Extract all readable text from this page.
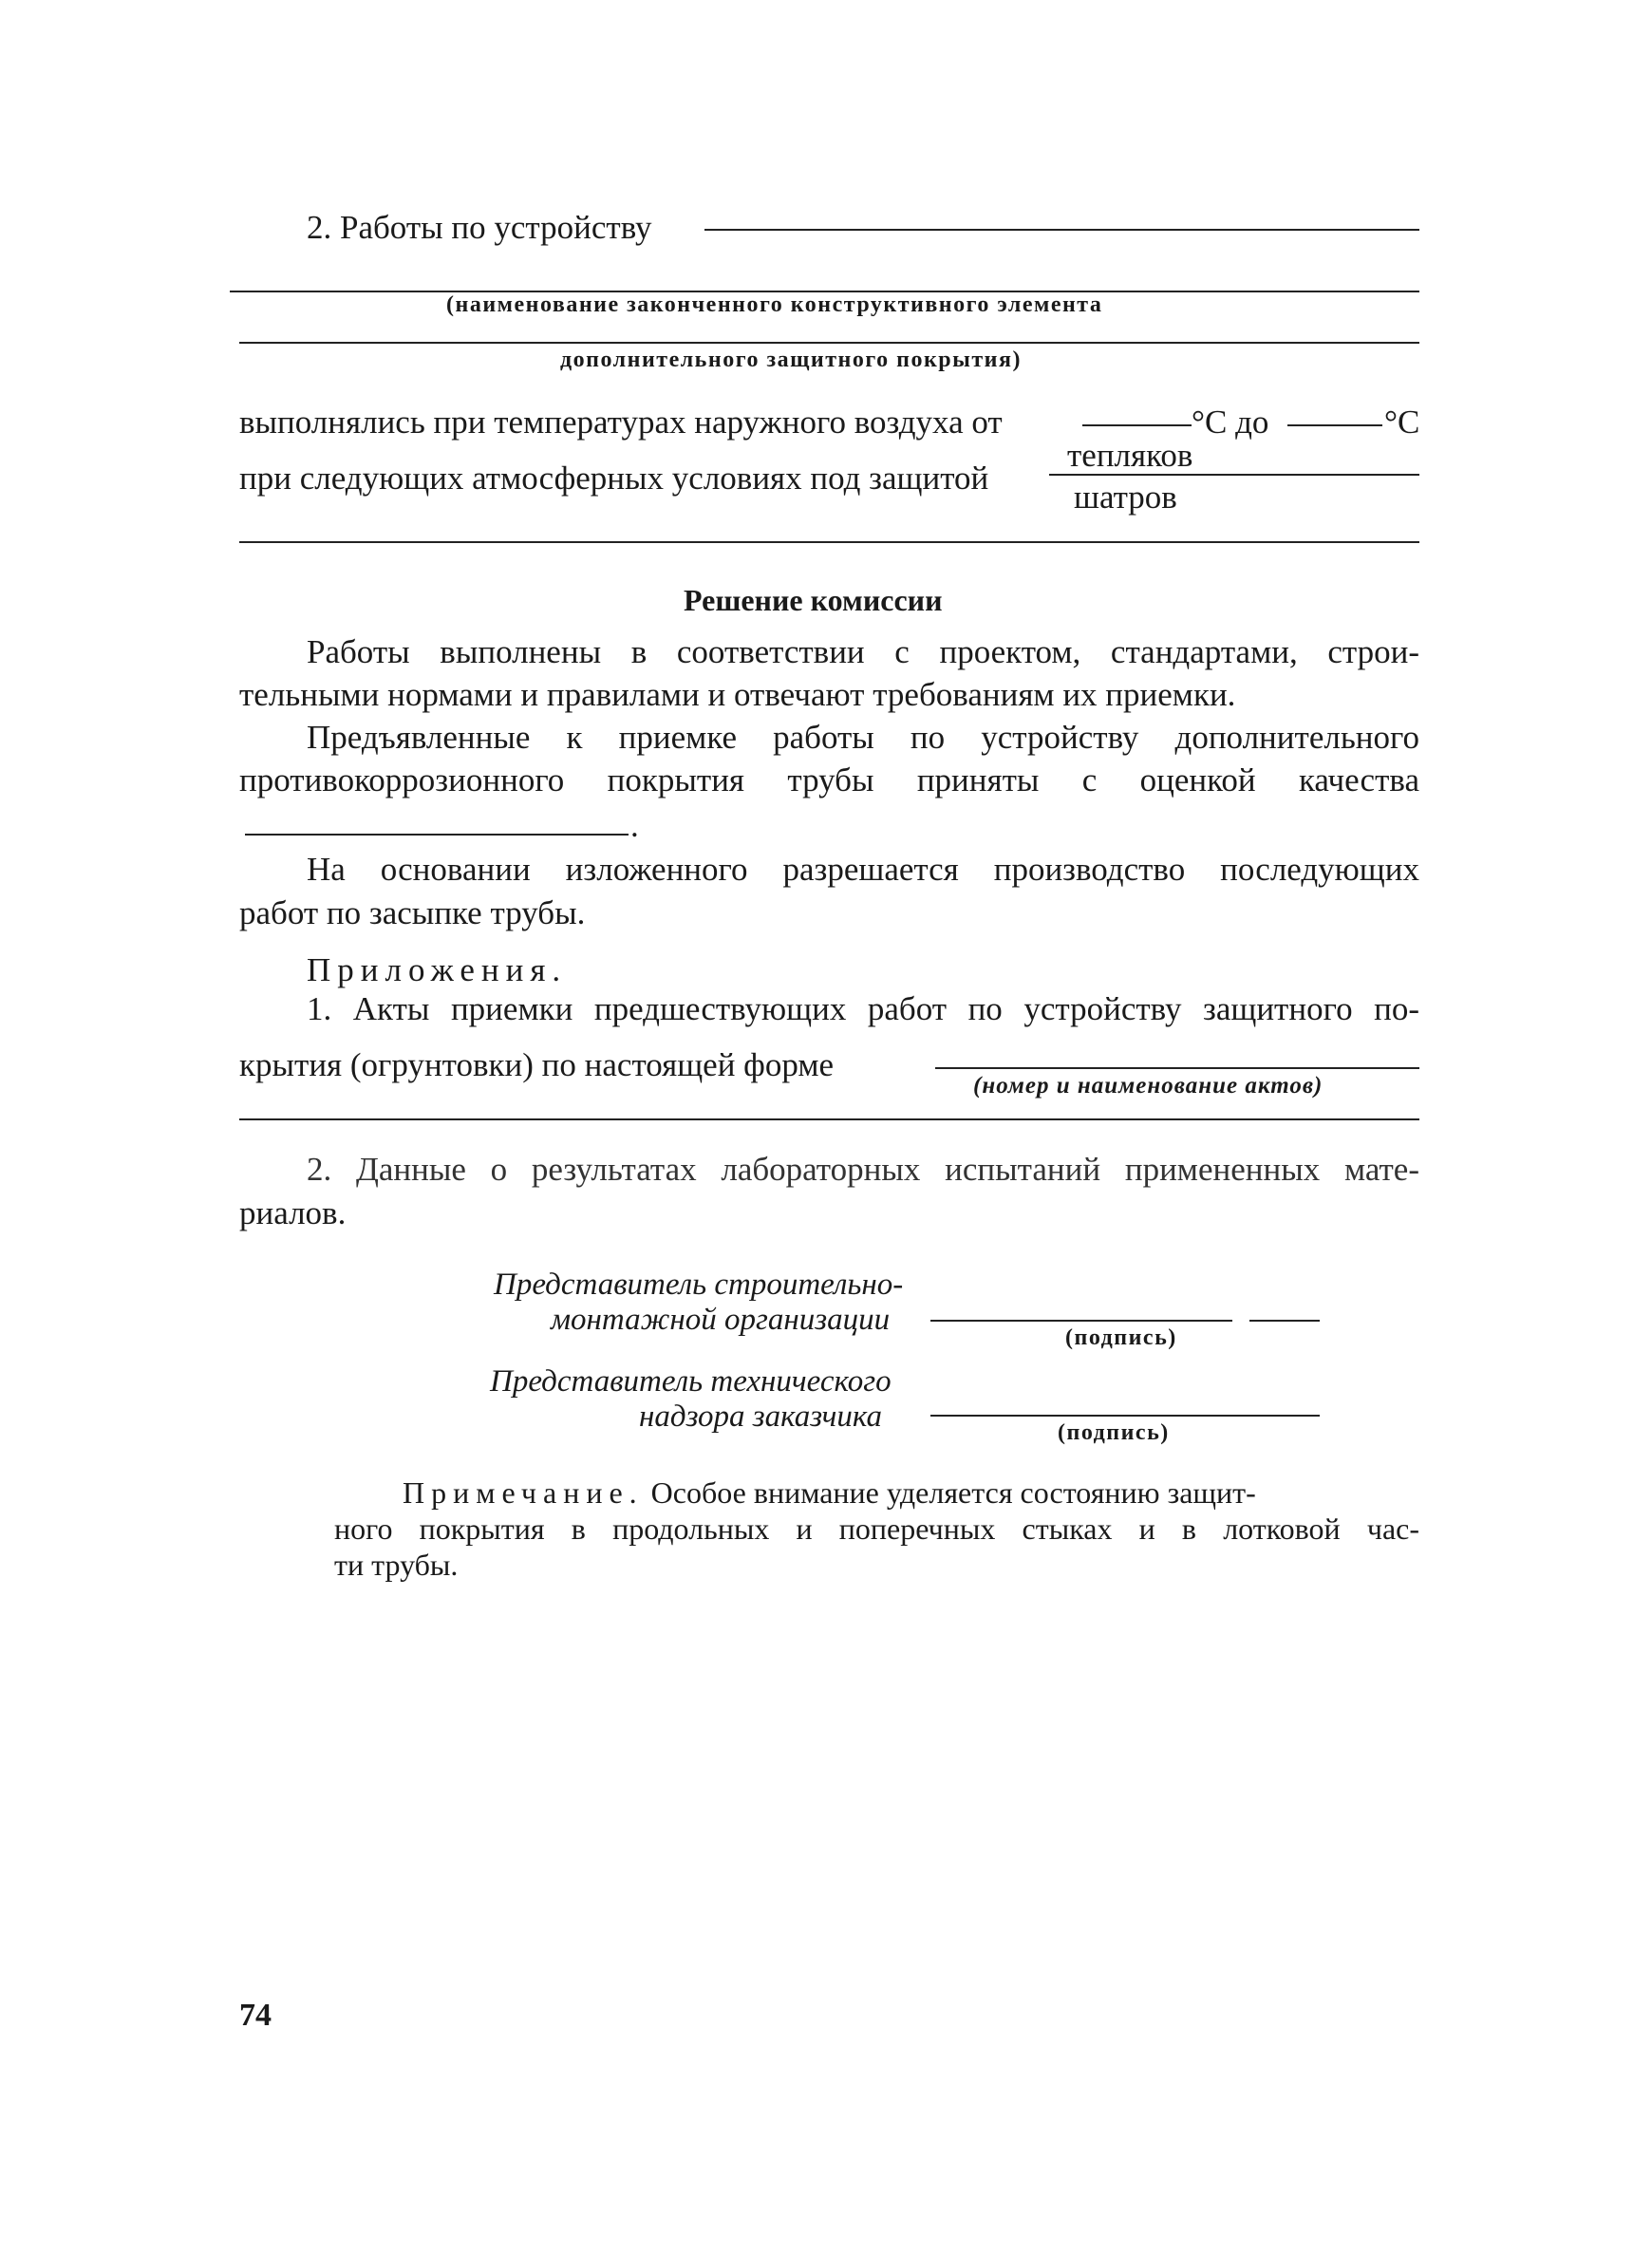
2. Работы по устройству
(наименование законченного конструктивного элемента
дополнительного защитного покрытия)
выполнялись при температурах наружного воздуха от	°С до	°С
тепляков
при следующих атмосферных условиях под защитой
шатров
Решение комиссии
Работы выполнены в соответствии с проектом, стандартами, строи-
тельными нормами и правилами и отвечают требованиям их приемки.
Предъявленные к приемке работы по устройству дополнительного
противокоррозионного покрытия трубы приняты с оценкой качества
.
На основании изложенного разрешается производство последующих
работ по засыпке трубы.
Приложения.
1. Акты приемки предшествующих работ по устройству защитного по-
крытия (огрунтовки) по настоящей форме
(номер и наименование актов)
2. Данные о результатах лабораторных испытаний примененных мате-
риалов.
Представитель строительно-
монтажной организации
(подпись)
Представитель технического
надзора заказчика	(подпись)
Примечание. Особое внимание уделяется состоянию защит-
ного покрытия в продольных и поперечных стыках и в лотковой час-
ти трубы.
74
